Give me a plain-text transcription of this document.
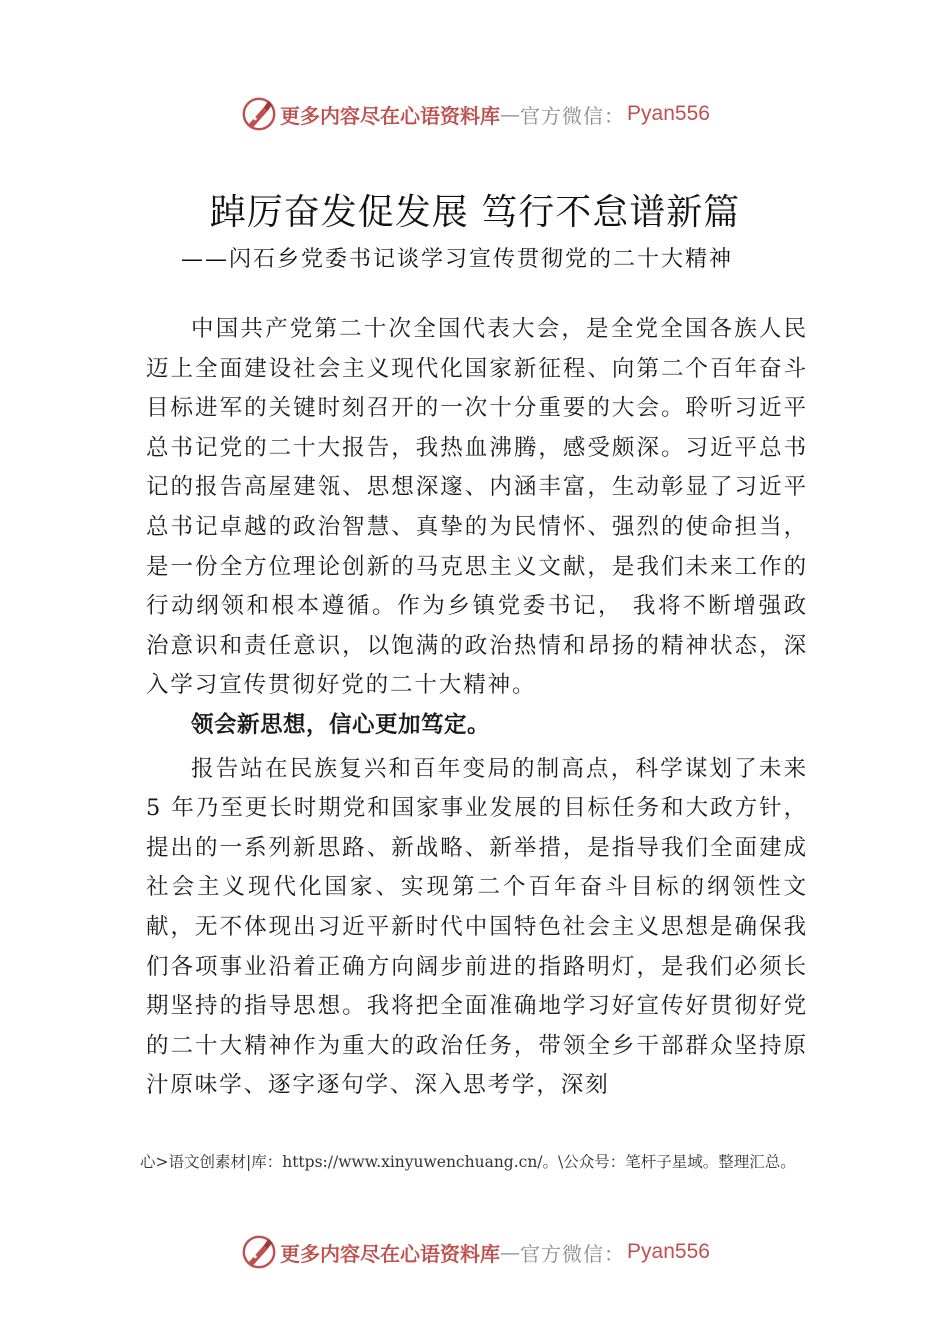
更多内容尽在心语资料库 — 官方微信： Pyan556
踔厉奋发促发展 笃行不怠谱新篇
——闪石乡党委书记谈学习宣传贯彻党的二十大精神

中国共产党第二十次全国代表大会，是全党全国各族人民迈上全面建设社会主义现代化国家新征程、向第二个百年奋斗目标进军的关键时刻召开的一次十分重要的大会。聆听习近平总书记党的二十大报告，我热血沸腾，感受颇深。习近平总书记的报告高屋建瓴、思想深邃、内涵丰富，生动彰显了习近平总书记卓越的政治智慧、真挚的为民情怀、强烈的使命担当，是一份全方位理论创新的马克思主义文献，是我们未来工作的行动纲领和根本遵循。作为乡镇党委书记， 我将不断增强政治意识和责任意识，以饱满的政治热情和昂扬的精神状态，深入学习宣传贯彻好党的二十大精神。

领会新思想，信心更加笃定。

报告站在民族复兴和百年变局的制高点，科学谋划了未来 5 年乃至更长时期党和国家事业发展的目标任务和大政方针，提出的一系列新思路、新战略、新举措，是指导我们全面建成社会主义现代化国家、实现第二个百年奋斗目标的纲领性文献，无不体现出习近平新时代中国特色社会主义思想是确保我们各项事业沿着正确方向阔步前进的指路明灯，是我们必须长期坚持的指导思想。我将把全面准确地学习好宣传好贯彻好党的二十大精神作为重大的政治任务，带领全乡干部群众坚持原汁原味学、逐字逐句学、深入思考学，深刻

心>语文创素材|库：https://www.xinyuwenchuang.cn/。\公众号：笔杆子星域。整理汇总。
更多内容尽在心语资料库 — 官方微信： Pyan556
